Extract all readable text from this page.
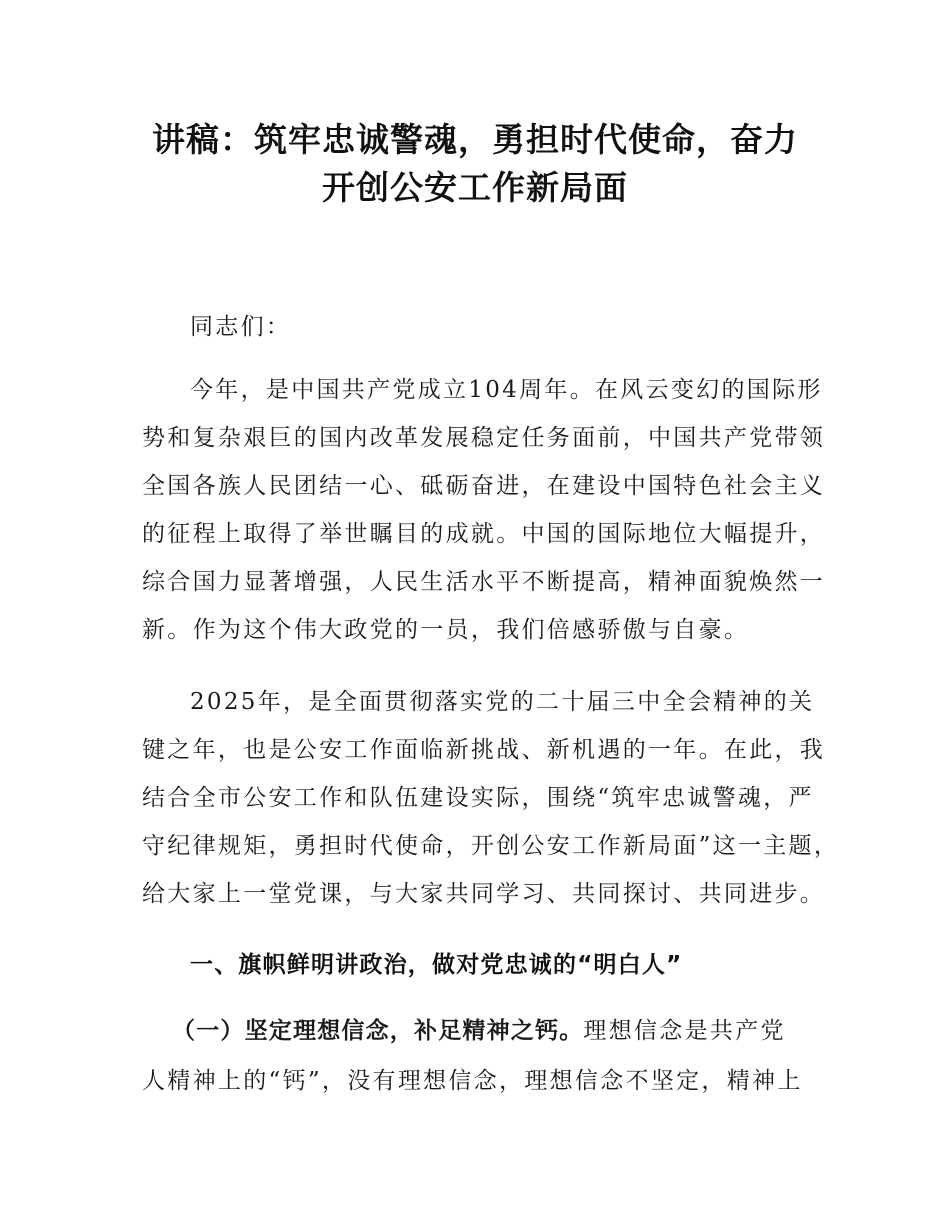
讲稿：筑牢忠诚警魂，勇担时代使命，奋力
开创公安工作新局面
同志们：
今年，是中国共产党成立104周年。在风云变幻的国际形
势和复杂艰巨的国内改革发展稳定任务面前，中国共产党带领
全国各族人民团结一心、砥砺奋进，在建设中国特色社会主义
的征程上取得了举世瞩目的成就。中国的国际地位大幅提升，
综合国力显著增强，人民生活水平不断提高，精神面貌焕然一
新。作为这个伟大政党的一员，我们倍感骄傲与自豪。
2025年，是全面贯彻落实党的二十届三中全会精神的关
键之年，也是公安工作面临新挑战、新机遇的一年。在此，我
结合全市公安工作和队伍建设实际，围绕“筑牢忠诚警魂，严
守纪律规矩，勇担时代使命，开创公安工作新局面”这一主题，
给大家上一堂党课，与大家共同学习、共同探讨、共同进步。
一、旗帜鲜明讲政治，做对党忠诚的“明白人”
（一）坚定理想信念，补足精神之钙。理想信念是共产党
人精神上的“钙”，没有理想信念，理想信念不坚定，精神上
